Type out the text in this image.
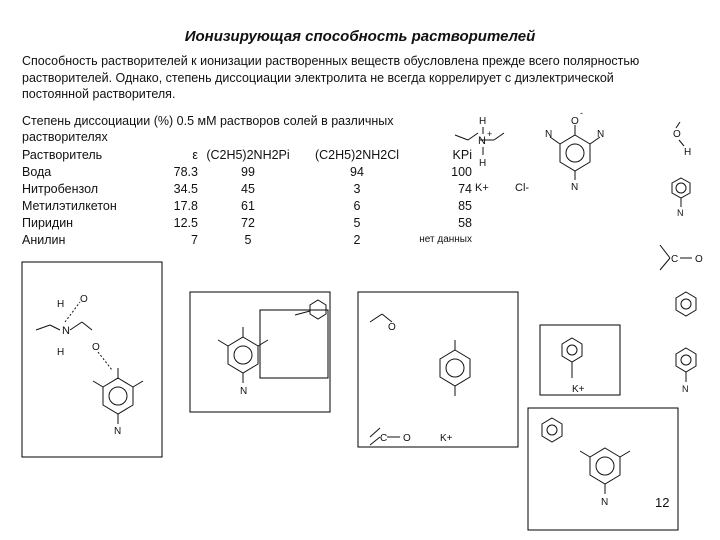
Ионизирующая способность растворителей
Способность растворителей к ионизации растворенных веществ обусловлена прежде всего полярностью растворителей. Однако, степень диссоциации электролита не всегда коррелирует с диэлектрической постоянной растворителя.
Степень диссоциации (%) 0.5 мМ растворов солей в различных растворителях
Растворитель	ε	(C2H5)2NH2Pi	(C2H5)2NH2Cl	KPi
Вода	78.3	99	94	100
Нитробензол	34.5	45	3	74
Метилэтилкетон	17.8	61	6	85
Пиридин	12.5	72	5	58
Анилин	7	5	2	нет данных
12
N
+
H
H
O
-
N	N
N
K+ Cl-
O
H
N
C O
N
N
H
H
O
O
N
N
O
C O	K+
K+
N
